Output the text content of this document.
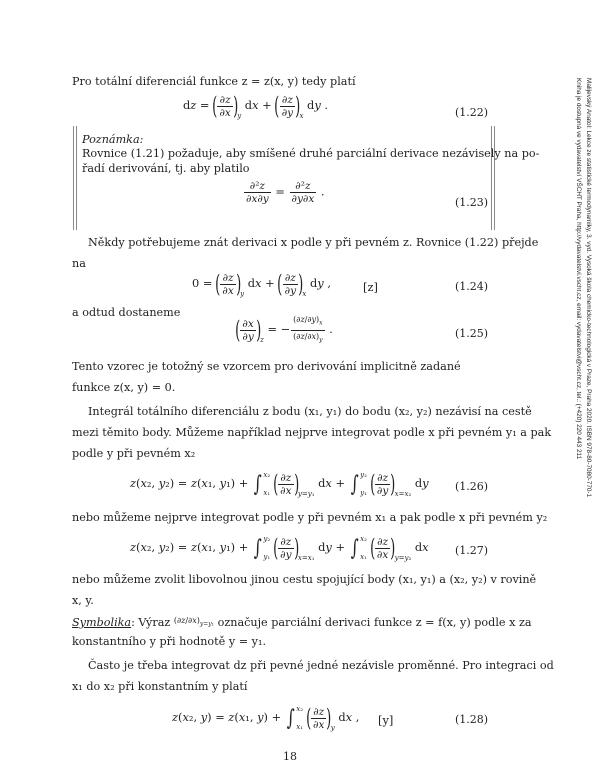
Malijevský Anatol: Lekce ze statistické termodynamiky, 3. vyd. Vysoká škola chemicko-technologická v Praze, Praha 2020. ISBN 978-80-7080-770-1
Kniha je dostupná ve vydavatelství VŠCHT Praha, http://vydavatelstvi.vscht.cz, email: vydavatelstvi@vscht.cz, tel.: (+420) 220 443 211
Pro totální diferenciál funkce z = z(x, y) tedy platí
dz = ( $\frac{\partial z}{\partial x} )_y$ dx + ( $\frac{\partial z}{\partial y} )_x$ dy .
(1.22)
Poznámka:
Rovnice (1.21) požaduje, aby smíšené druhé parciální derivace nezávisely na po-
řadí derivování, tj. aby platilo
$\frac{\text{∂²z}}{\partial x\partial y} = \frac{\text{∂²z}}{\partial y\partial x}$ .
(1.23)
Někdy potřebujeme znát derivaci x podle y při pevném z. Rovnice (1.22) přejde
na
0 = ( $\frac{\partial z}{\partial x} )_y$ dx + ( $\frac{\partial z}{\partial y} )_x$ dy ,	[z]	(1.24)
a odtud dostaneme
( $\frac{\partial x}{\partial y} )_z$ = − $\frac{(\partial z/\partial y)_x}{(\partial z/\partial x)_y}$ .	(1.25)
Tento vzorec je totožný se vzorcem pro derivování implicitně zadané
funkce z(x, y) = 0.
Integrál totálního diferenciálu z bodu (x₁, y₁) do bodu (x₂, y₂) nezávisí na cestě
mezi těmito body. Můžeme například nejprve integrovat podle x při pevném y₁ a pak
podle y při pevném x₂
z(x₂, y₂) = z(x₁, y₁) + ∫ x₂
x₁ ( $\frac{\partial z}{\partial x} )_{y=y_1}$ dx + ∫ y₂
y₁ ( $\frac{\partial z}{\partial y} )_{x=x_2}$ dy (1.26)
nebo můžeme nejprve integrovat podle y při pevném x₁ a pak podle x při pevném y₂
z(x₂, y₂) = z(x₁, y₁) + ∫ y₂
y₁ ( $\frac{\partial z}{\partial y} )_{x=x_1}$ dy + ∫ x₂
x₁ ( $\frac{\partial z}{\partial x} )_{y=y_2}$ dx (1.27)
nebo můžeme zvolit libovolnou jinou cestu spojující body (x₁, y₁) a (x₂, y₂) v rovině
x, y.
Symbolika: Výraz $(\partial z/\partial x)_{y=y_1}$ označuje parciální derivaci funkce z = f(x, y) podle x za
konstantního y při hodnotě y = y₁.
Často je třeba integrovat dz při pevné jedné nezávisle proměnné. Pro integraci od
x₁ do x₂ při konstantním y platí
z(x₂, y) = z(x₁, y) + ∫ x₂
x₁ ( $\frac{\partial z}{\partial x} )_y$ dx , [y]	(1.28)
18
